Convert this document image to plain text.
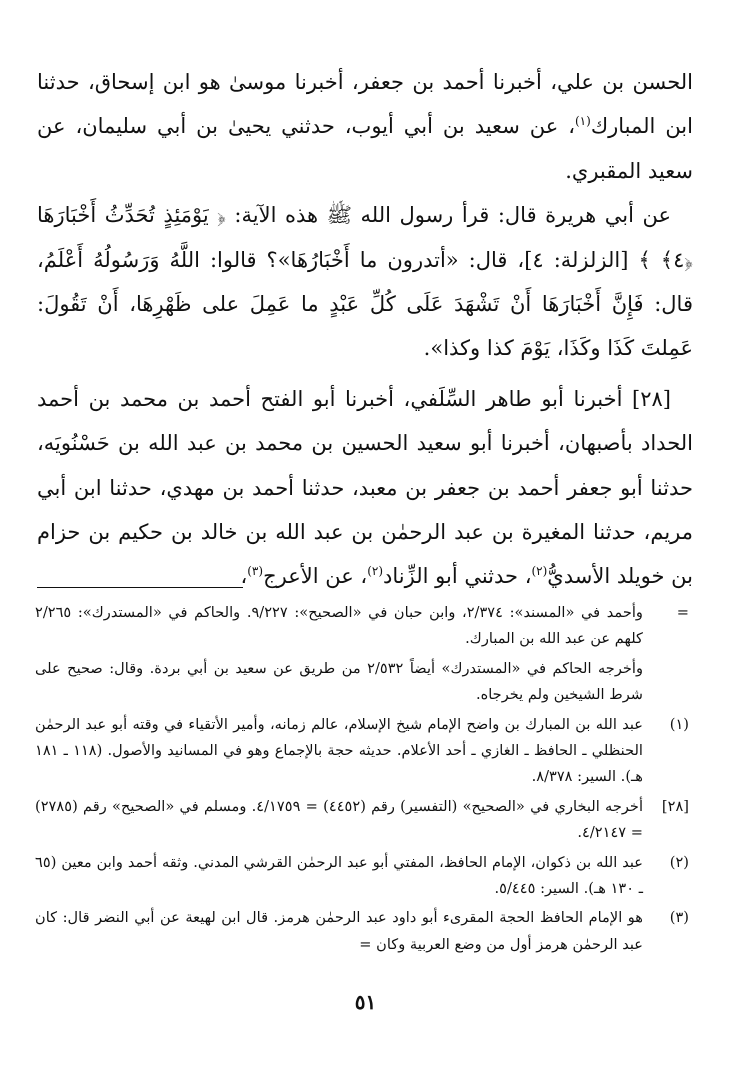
الحسن بن علي، أخبرنا أحمد بن جعفر، أخبرنا موسىٰ هو ابن إسحاق، حدثنا ابن المبارك$^{(١)}$، عن سعيد بن أبي أيوب، حدثني يحيىٰ بن أبي سليمان، عن سعيد المقبري.

عن أبي هريرة قال: قرأ رسول الله ﷺ هذه الآية: ﴿ يَوْمَئِذٍ تُحَدِّثُ أَخْبَارَهَا ﴿٤﴾ ﴾ [الزلزلة: ٤]، قال: «أتدرون ما أَخْبَارُهَا»؟ قالوا: اللَّهُ وَرَسُولُهُ أَعْلَمُ، قال: فَإِنَّ أَخْبَارَهَا أَنْ تَشْهَدَ عَلَى كُلِّ عَبْدٍ ما عَمِلَ على ظَهْرِهَا، أَنْ تَقُولَ: عَمِلتَ كَذَا وكَذَا، يَوْمَ كذا وكذا».

[٢٨] أخبرنا أبو طاهر السِّلَفي، أخبرنا أبو الفتح أحمد بن محمد بن أحمد الحداد بأصبهان، أخبرنا أبو سعيد الحسين بن محمد بن عبد الله بن حَسْنُويَه، حدثنا أبو جعفر أحمد بن جعفر بن معبد، حدثنا أحمد بن مهدي، حدثنا ابن أبي مريم، حدثنا المغيرة بن عبد الرحمٰن بن عبد الله بن خالد بن حكيم بن حزام بن خويلد الأسديُّ$^{(٢)}$، حدثني أبو الزِّناد$^{(٢)}$، عن الأعرج$^{(٣)}$،

=
وأحمد في «المسند»: ٢/٣٧٤، وابن حبان في «الصحيح»: ٩/٢٢٧. والحاكم في «المستدرك»: ٢/٢٦٥ كلهم عن عبد الله بن المبارك.
وأخرجه الحاكم في «المستدرك» أيضاً ٢/٥٣٢ من طريق عن سعيد بن أبي بردة. وقال: صحيح على شرط الشيخين ولم يخرجاه.
(١)
عبد الله بن المبارك بن واضح الإمام شيخ الإسلام، عالم زمانه، وأمير الأتقياء في وقته أبو عبد الرحمٰن الحنظلي ـ الحافظ ـ الغازي ـ أحد الأعلام. حديثه حجة بالإجماع وهو في المسانيد والأصول. (١١٨ ـ ١٨١ هـ). السير: ٨/٣٧٨.
[٢٨]
أخرجه البخاري في «الصحيح» (التفسير) رقم (٤٤٥٢) = ٤/١٧٥٩. ومسلم في «الصحيح» رقم (٢٧٨٥) = ٤/٢١٤٧.
(٢)
عبد الله بن ذكوان، الإمام الحافظ، المفتي أبو عبد الرحمٰن القرشي المدني. وثقه أحمد وابن معين (٦٥ ـ ١٣٠ هـ). السير: ٥/٤٤٥.
(٣)
هو الإمام الحافظ الحجة المقرىء أبو داود عبد الرحمٰن هرمز. قال ابن لهيعة عن أبي النضر قال: كان عبد الرحمٰن هرمز أول من وضع العربية وكان =
٥١
